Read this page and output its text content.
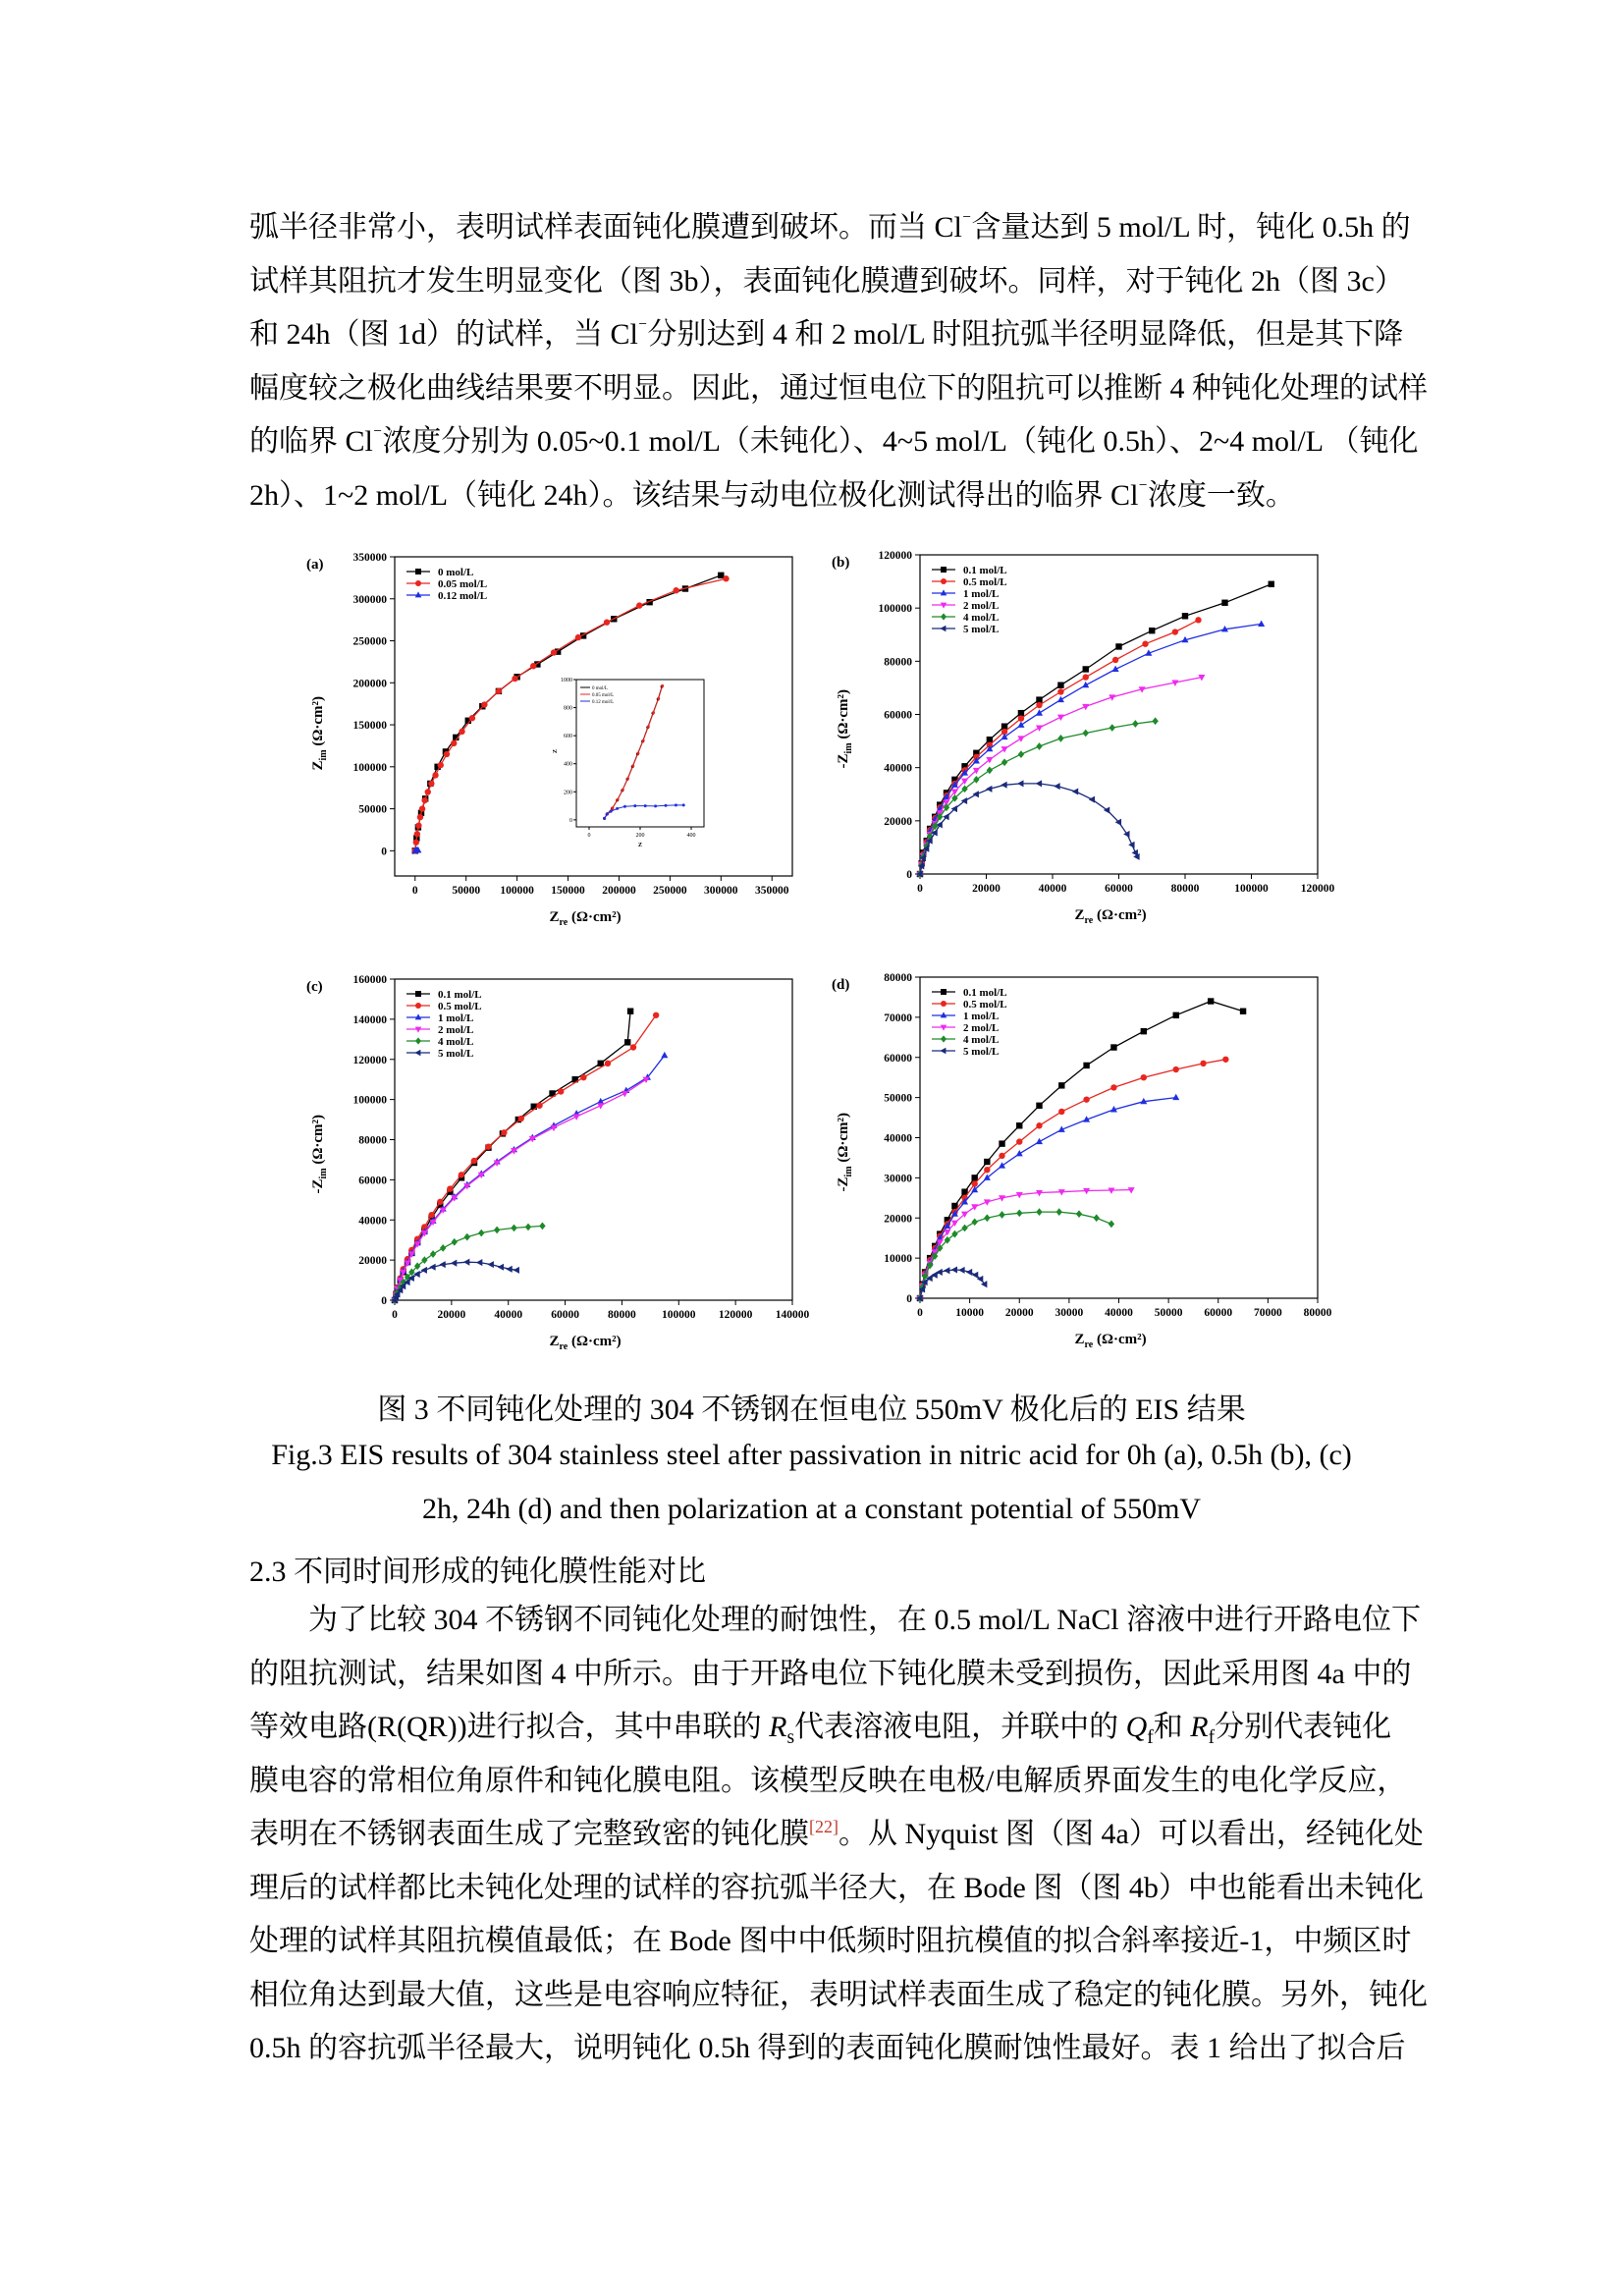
弧半径非常小，表明试样表面钝化膜遭到破坏。而当 Cl⁻含量达到 5 mol/L 时，钝化 0.5h 的
试样其阻抗才发生明显变化（图 3b），表面钝化膜遭到破坏。同样，对于钝化 2h（图 3c）
和 24h（图 1d）的试样，当 Cl⁻分别达到 4 和 2 mol/L 时阻抗弧半径明显降低，但是其下降
幅度较之极化曲线结果要不明显。因此，通过恒电位下的阻抗可以推断 4 种钝化处理的试样
的临界 Cl⁻浓度分别为 0.05~0.1 mol/L（未钝化）、4~5 mol/L（钝化 0.5h）、2~4 mol/L （钝化
2h）、1~2 mol/L（钝化 24h）。该结果与动电位极化测试得出的临界 Cl⁻浓度一致。
(a)
0	50000 100000 150000 200000 250000 300000 350000
0
50000
100000
150000
200000
250000
300000
350000
$Z_{re}$ (Ω·cm²)
$Z_{im}$ (Ω·cm²)
0 mol/L
0.05 mol/L
0.12 mol/L
0	200	400
0
200
400
600
800
1000
Z
Z
0 mol/L
0.05 mol/L
0.12 mol/L
(b)
0	20000	40000	60000	80000	100000	120000
0
20000
40000
60000
80000
100000
120000
$Z_{re}$ (Ω·cm²)
$-Z_{im}$ (Ω·cm²)
0.1 mol/L
0.5 mol/L
1 mol/L
2 mol/L
4 mol/L
5 mol/L
(c)
0	20000	40000	60000	80000 100000 120000 140000
0
20000
40000
60000
80000
100000
120000
140000
160000
$Z_{re}$ (Ω·cm²)
$-Z_{im}$ (Ω·cm²)
0.1 mol/L
0.5 mol/L
1 mol/L
2 mol/L
4 mol/L
5 mol/L
(d)
0	10000 20000 30000 40000 50000 60000 70000 80000
0
10000
20000
30000
40000
50000
60000
70000
80000
$Z_{re}$ (Ω·cm²)
$-Z_{im}$ (Ω·cm²)
0.1 mol/L
0.5 mol/L
1 mol/L
2 mol/L
4 mol/L
5 mol/L

图 3 不同钝化处理的 304 不锈钢在恒电位 550mV 极化后的 EIS 结果

Fig.3 EIS results of 304 stainless steel after passivation in nitric acid for 0h (a), 0.5h (b), (c)

2h, 24h (d) and then polarization at a constant potential of 550mV

2.3 不同时间形成的钝化膜性能对比

为了比较 304 不锈钢不同钝化处理的耐蚀性，在 0.5 mol/L NaCl 溶液中进行开路电位下
的阻抗测试，结果如图 4 中所示。由于开路电位下钝化膜未受到损伤，因此采用图 4a 中的
等效电路(R(QR))进行拟合，其中串联的 $R_s$代表溶液电阻，并联中的 $Q_f$和 $R_f$分别代表钝化
膜电容的常相位角原件和钝化膜电阻。该模型反映在电极/电解质界面发生的电化学反应，
表明在不锈钢表面生成了完整致密的钝化膜[22]。从 Nyquist 图（图 4a）可以看出，经钝化处
理后的试样都比未钝化处理的试样的容抗弧半径大，在 Bode 图（图 4b）中也能看出未钝化
处理的试样其阻抗模值最低；在 Bode 图中中低频时阻抗模值的拟合斜率接近-1，中频区时
相位角达到最大值，这些是电容响应特征，表明试样表面生成了稳定的钝化膜。另外，钝化
0.5h 的容抗弧半径最大，说明钝化 0.5h 得到的表面钝化膜耐蚀性最好。表 1 给出了拟合后
